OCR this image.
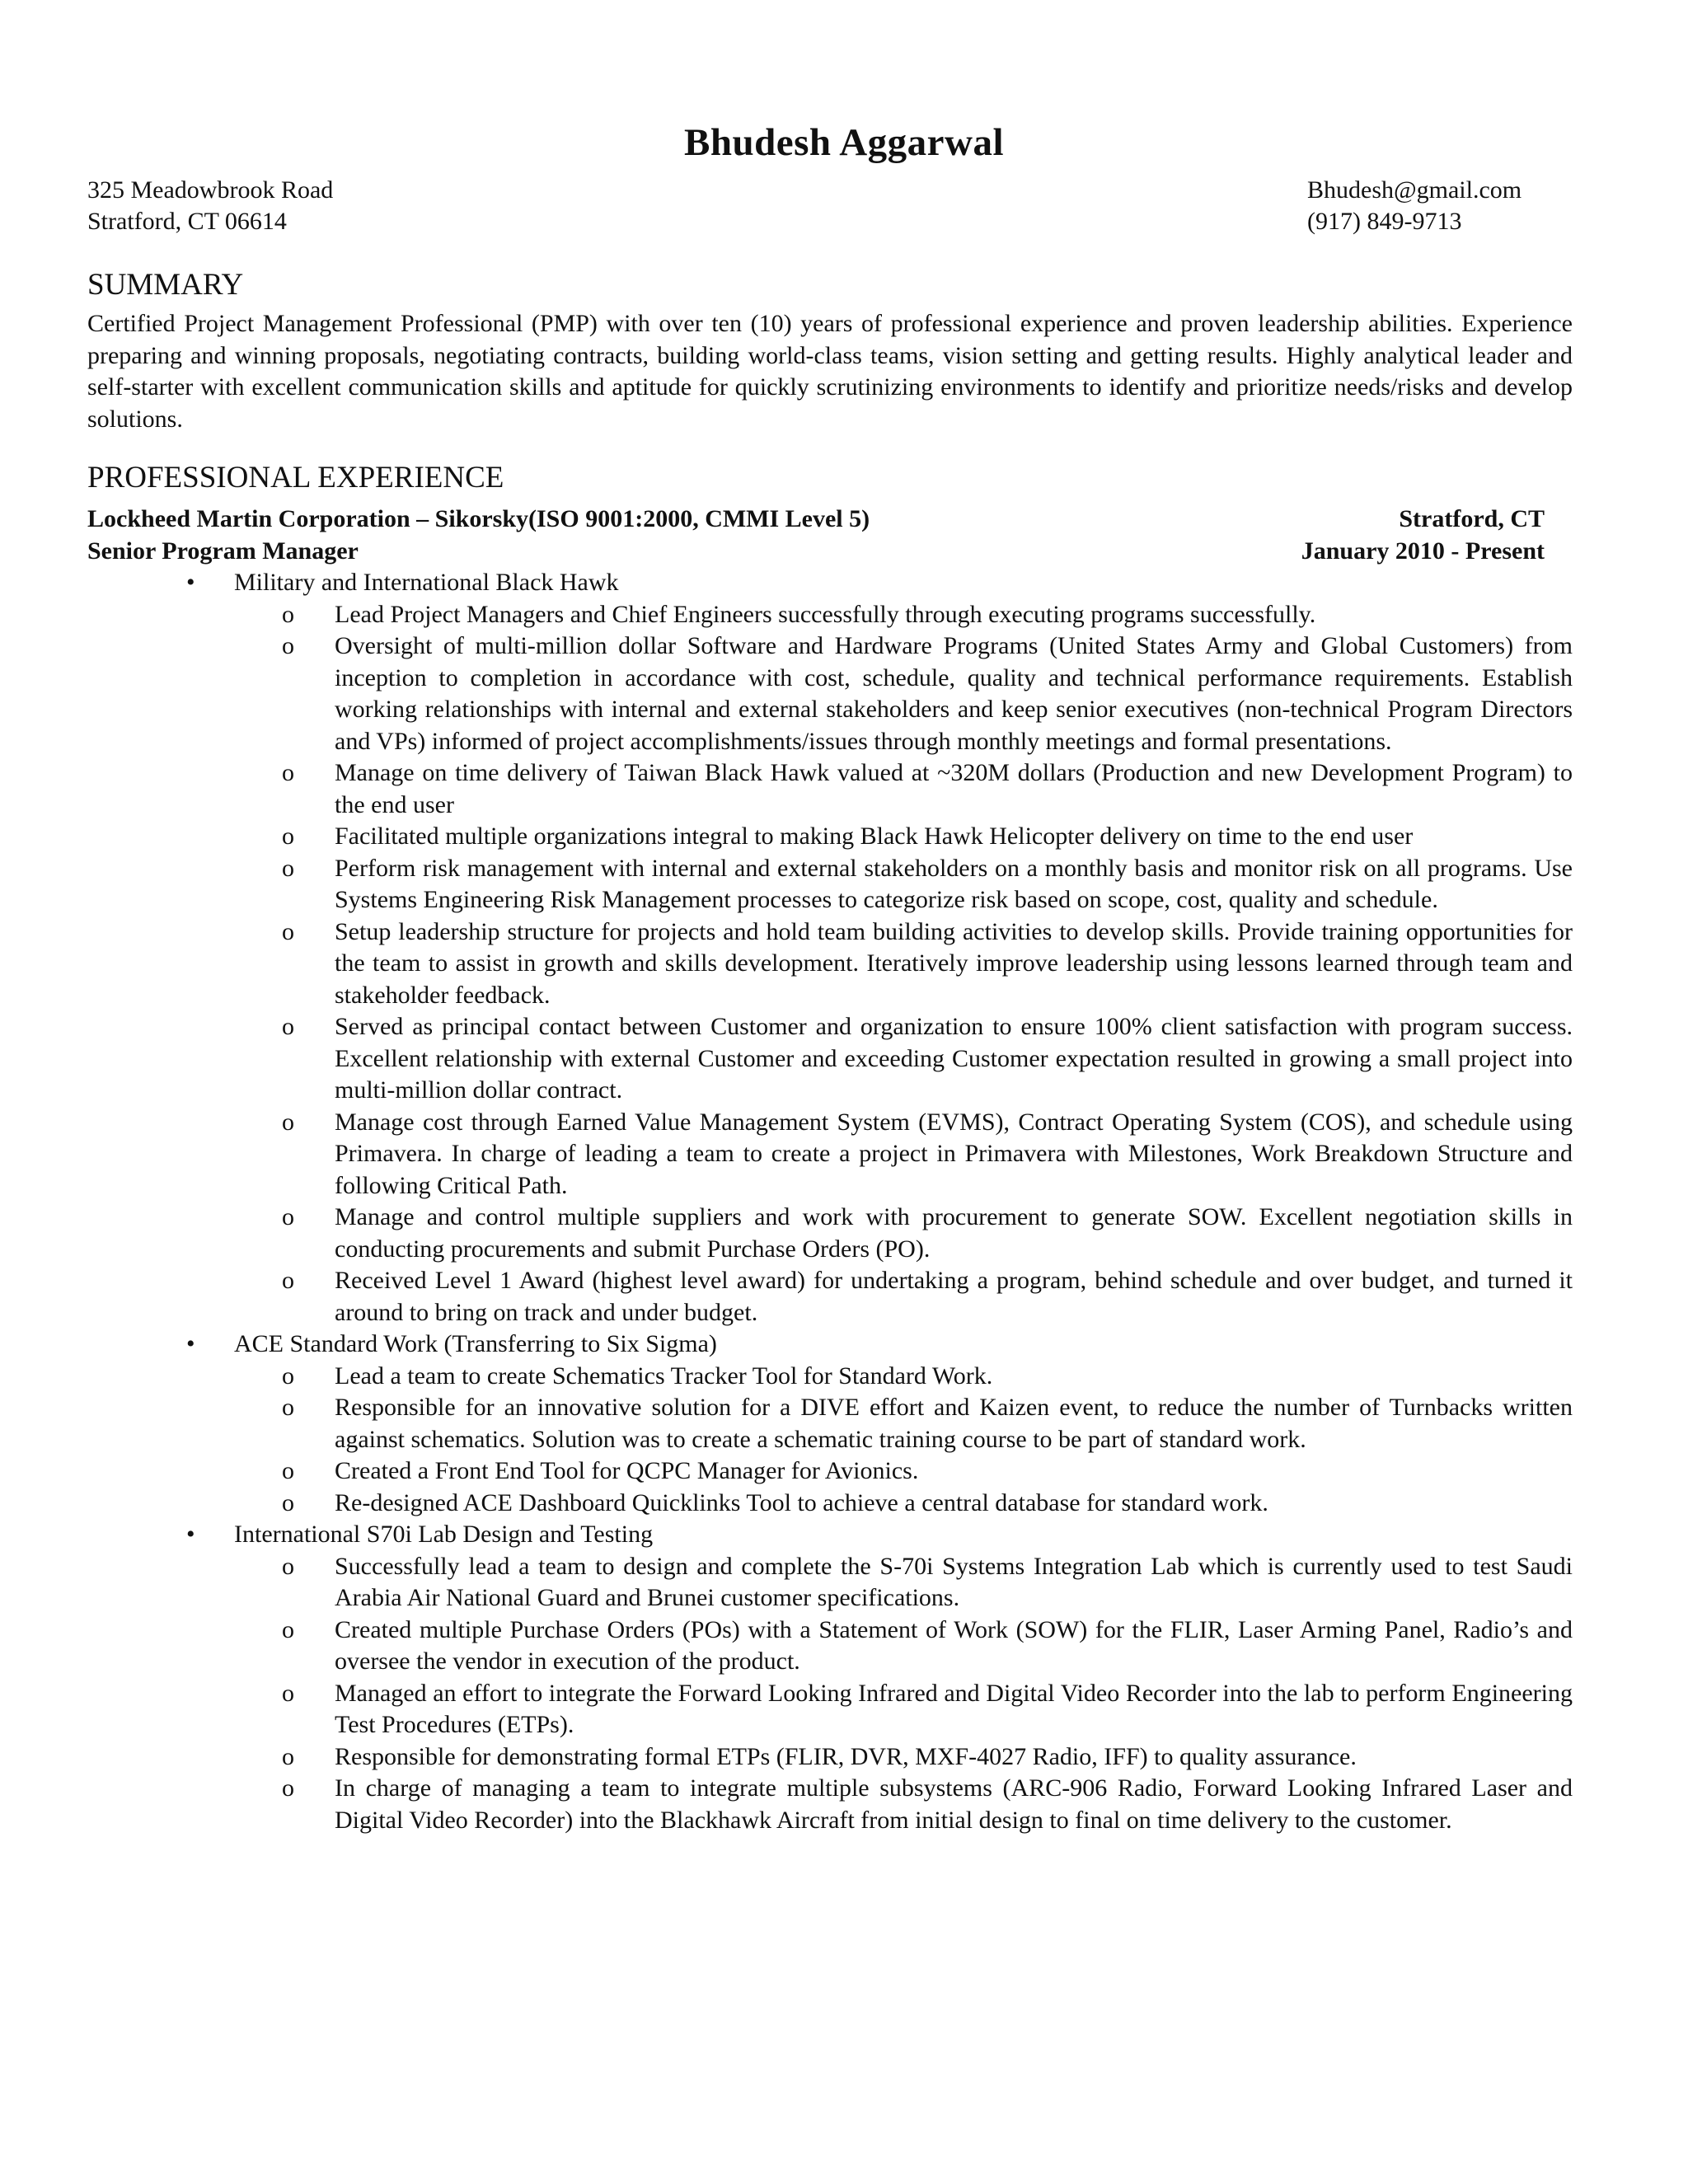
Bhudesh Aggarwal
325 Meadowbrook Road	Bhudesh@gmail.com
Stratford, CT 06614	(917) 849-9713
SUMMARY

Certified Project Management Professional (PMP) with over ten (10) years of professional experience and proven leadership abilities. Experience preparing and winning proposals, negotiating contracts, building world-class teams, vision setting and getting results. Highly analytical leader and self-starter with excellent communication skills and aptitude for quickly scrutinizing environments to identify and prioritize needs/risks and develop solutions.

PROFESSIONAL EXPERIENCE
Lockheed Martin Corporation – Sikorsky(ISO 9001:2000, CMMI Level 5)	Stratford, CT
Senior Program Manager	January 2010 - Present
• Military and International Black Hawk
o Lead Project Managers and Chief Engineers successfully through executing programs successfully.
o Oversight of multi-million dollar Software and Hardware Programs (United States Army and Global Customers) from inception to completion in accordance with cost, schedule, quality and technical performance requirements. Establish working relationships with internal and external stakeholders and keep senior executives (non-technical Program Directors and VPs) informed of project accomplishments/issues through monthly meetings and formal presentations.
o Manage on time delivery of Taiwan Black Hawk valued at ~320M dollars (Production and new Development Program) to the end user
o Facilitated multiple organizations integral to making Black Hawk Helicopter delivery on time to the end user
o Perform risk management with internal and external stakeholders on a monthly basis and monitor risk on all programs. Use Systems Engineering Risk Management processes to categorize risk based on scope, cost, quality and schedule.
o Setup leadership structure for projects and hold team building activities to develop skills. Provide training opportunities for the team to assist in growth and skills development. Iteratively improve leadership using lessons learned through team and stakeholder feedback.
o Served as principal contact between Customer and organization to ensure 100% client satisfaction with program success. Excellent relationship with external Customer and exceeding Customer expectation resulted in growing a small project into multi-million dollar contract.
o Manage cost through Earned Value Management System (EVMS), Contract Operating System (COS), and schedule using Primavera. In charge of leading a team to create a project in Primavera with Milestones, Work Breakdown Structure and following Critical Path.
o Manage and control multiple suppliers and work with procurement to generate SOW. Excellent negotiation skills in conducting procurements and submit Purchase Orders (PO).
o Received Level 1 Award (highest level award) for undertaking a program, behind schedule and over budget, and turned it around to bring on track and under budget.
• ACE Standard Work (Transferring to Six Sigma)
o Lead a team to create Schematics Tracker Tool for Standard Work.
o Responsible for an innovative solution for a DIVE effort and Kaizen event, to reduce the number of Turnbacks written against schematics. Solution was to create a schematic training course to be part of standard work.
o Created a Front End Tool for QCPC Manager for Avionics.
o Re-designed ACE Dashboard Quicklinks Tool to achieve a central database for standard work.
• International S70i Lab Design and Testing
o Successfully lead a team to design and complete the S-70i Systems Integration Lab which is currently used to test Saudi Arabia Air National Guard and Brunei customer specifications.
o Created multiple Purchase Orders (POs) with a Statement of Work (SOW) for the FLIR, Laser Arming Panel, Radio’s and oversee the vendor in execution of the product.
o Managed an effort to integrate the Forward Looking Infrared and Digital Video Recorder into the lab to perform Engineering Test Procedures (ETPs).
o Responsible for demonstrating formal ETPs (FLIR, DVR, MXF-4027 Radio, IFF) to quality assurance.
o In charge of managing a team to integrate multiple subsystems (ARC-906 Radio, Forward Looking Infrared Laser and Digital Video Recorder) into the Blackhawk Aircraft from initial design to final on time delivery to the customer.
